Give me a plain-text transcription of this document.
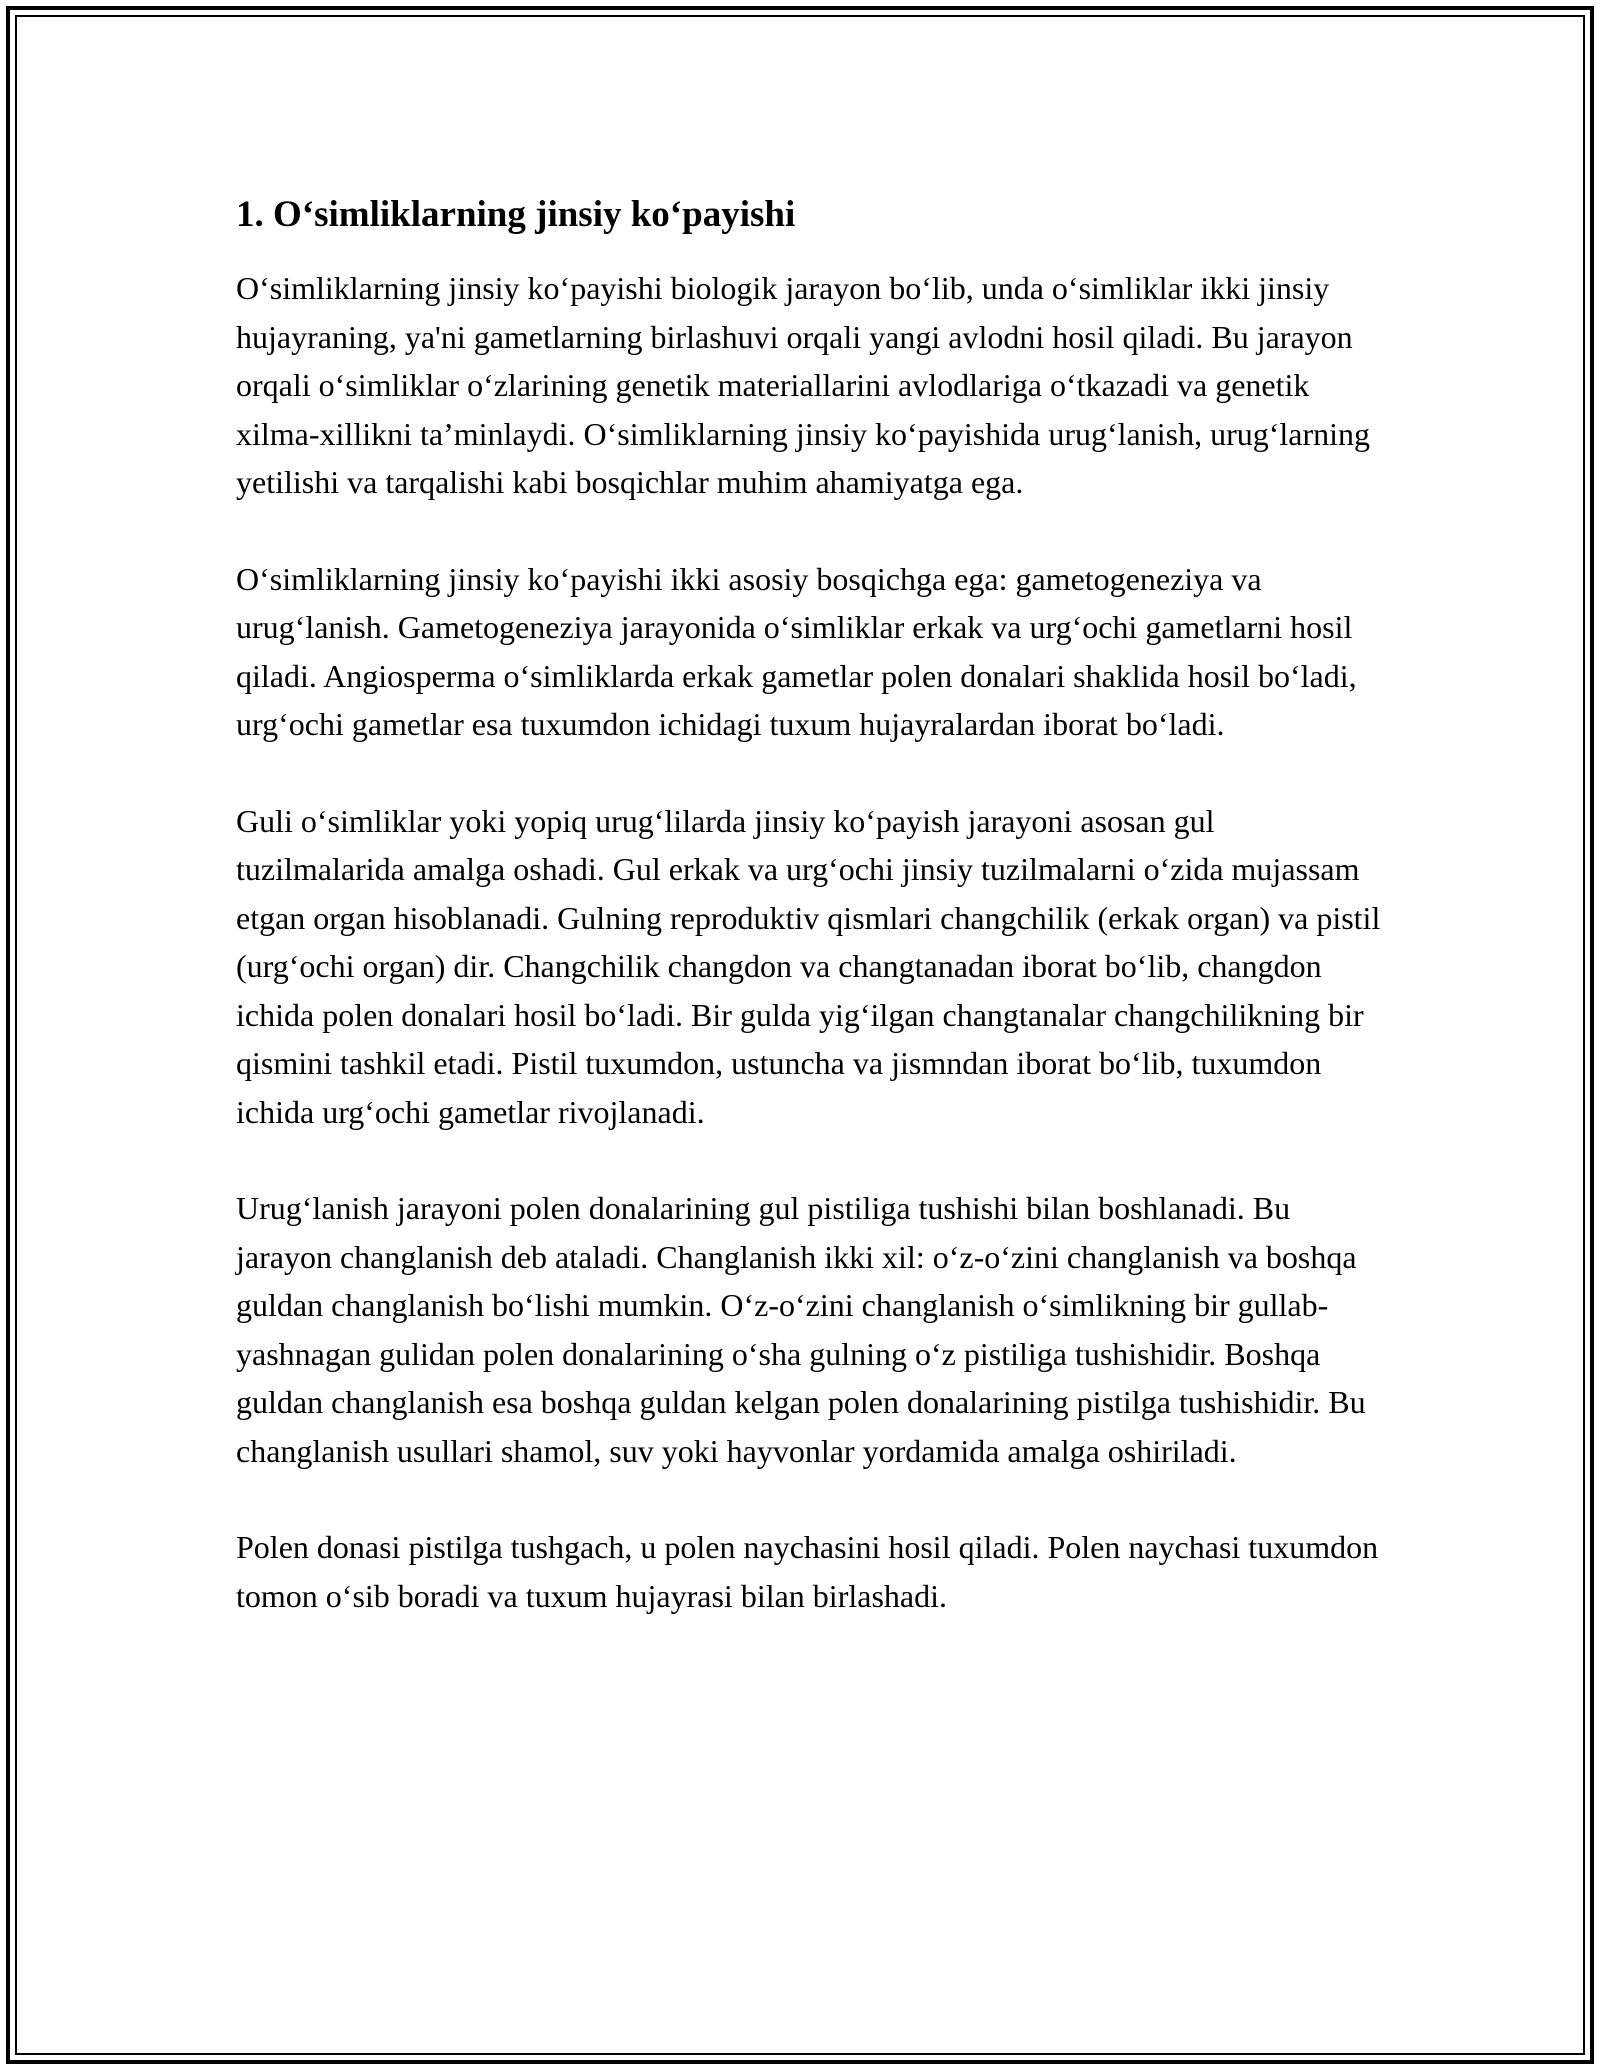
1. O‘simliklarning jinsiy ko‘payishi

O‘simliklarning jinsiy ko‘payishi biologik jarayon bo‘lib, unda o‘simliklar ikki jinsiy hujayraning, ya'ni gametlarning birlashuvi orqali yangi avlodni hosil qiladi. Bu jarayon orqali o‘simliklar o‘zlarining genetik materiallarini avlodlariga o‘tkazadi va genetik xilma-xillikni ta’minlaydi. O‘simliklarning jinsiy ko‘payishida urug‘lanish, urug‘larning yetilishi va tarqalishi kabi bosqichlar muhim ahamiyatga ega.

O‘simliklarning jinsiy ko‘payishi ikki asosiy bosqichga ega: gametogeneziya va urug‘lanish. Gametogeneziya jarayonida o‘simliklar erkak va urg‘ochi gametlarni hosil qiladi. Angiosperma o‘simliklarda erkak gametlar polen donalari shaklida hosil bo‘ladi, urg‘ochi gametlar esa tuxumdon ichidagi tuxum hujayralardan iborat bo‘ladi.

Guli o‘simliklar yoki yopiq urug‘lilarda jinsiy ko‘payish jarayoni asosan gul tuzilmalarida amalga oshadi. Gul erkak va urg‘ochi jinsiy tuzilmalarni o‘zida mujassam etgan organ hisoblanadi. Gulning reproduktiv qismlari changchilik (erkak organ) va pistil (urg‘ochi organ) dir. Changchilik changdon va changtanadan iborat bo‘lib, changdon ichida polen donalari hosil bo‘ladi. Bir gulda yig‘ilgan changtanalar changchilikning bir qismini tashkil etadi. Pistil tuxumdon, ustuncha va jismndan iborat bo‘lib, tuxumdon ichida urg‘ochi gametlar rivojlanadi.

Urug‘lanish jarayoni polen donalarining gul pistiliga tushishi bilan boshlanadi. Bu jarayon changlanish deb ataladi. Changlanish ikki xil: o‘z-o‘zini changlanish va boshqa guldan changlanish bo‘lishi mumkin. O‘z-o‘zini changlanish o‘simlikning bir gullab-yashnagan gulidan polen donalarining o‘sha gulning o‘z pistiliga tushishidir. Boshqa guldan changlanish esa boshqa guldan kelgan polen donalarining pistilga tushishidir. Bu changlanish usullari shamol, suv yoki hayvonlar yordamida amalga oshiriladi.

Polen donasi pistilga tushgach, u polen naychasini hosil qiladi. Polen naychasi tuxumdon tomon o‘sib boradi va tuxum hujayrasi bilan birlashadi.
